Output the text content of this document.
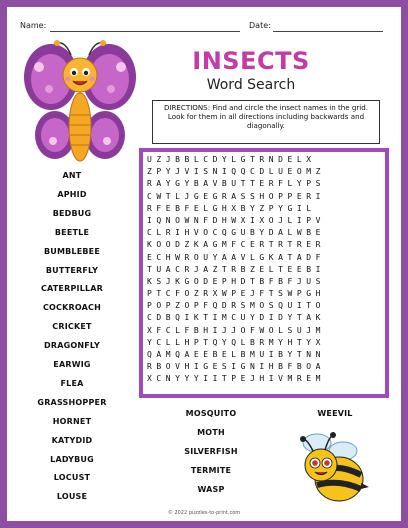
Name:	Date:
INSECTS
Word Search

DIRECTIONS: Find and circle the insect names in the grid. Look for them in all directions including backwards and diagonally.

UZJBBLCDYLGTRNDELX
ZPYJVISNIQQCDLUEOMZ
RAYGYBAVBUTTERFLYPS
CWTLJGEGRASSHOPPERI
RFEBFELGHXBYZPYGIL
IQNOWNFDHWXIXOJLIPV
CLRIHVOCQGUBYDALWBE
KOODZKAGMFCERTRTRER
ECHWROUYAAVLGKATADF
TUACRJAZTRBZELTEEBI
KSJKGODEPHDTBFBFJUS
PTCFOZRXWPEJFTSWPGH
POPZOPFQDRSMOSQUITO
CDBQIKTIMCUYDIDYTAK
XFCLFBHIJJOFWOLSUJM
YCLLHPTQYQLBRMYHTYX
QAMQAEEBELBMUIBYTNN
RBOVHIGESIGNIHBFBOA
XCNYYYIITPEJHIVMREM
ANT
APHID
BEDBUG
BEETLE
BUMBLEBEE
BUTTERFLY
CATERPILLAR
COCKROACH
CRICKET
DRAGONFLY
EARWIG
FLEA
GRASSHOPPER
HORNET
KATYDID
LADYBUG
LOCUST
LOUSE
MOSQUITO
MOTH
SILVERFISH
TERMITE
WASP
WEEVIL
© 2022 puzzles-to-print.com
